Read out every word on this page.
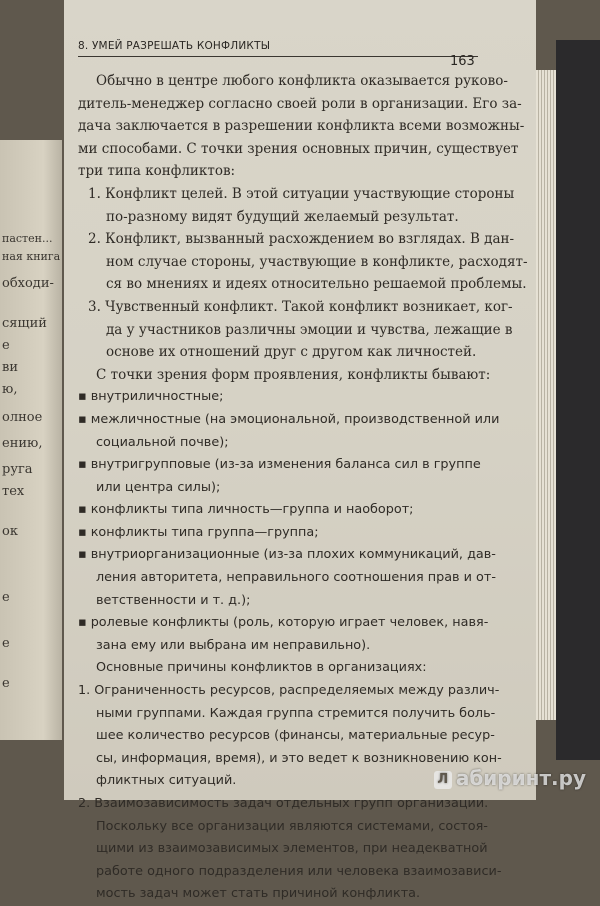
пастен...
ная книга
обходи-
сящий
е
ви
ю,
олное
ению,
руга
тех
ок
е
е
е
8. УМЕЙ РАЗРЕШАТЬ КОНФЛИКТЫ
163
Обычно в центре любого конфликта оказывается руково-
дитель-менеджер согласно своей роли в организации. Его за-
дача заключается в разрешении конфликта всеми возможны-
ми способами. С точки зрения основных причин, существует
три типа конфликтов:
1. Конфликт целей. В этой ситуации участвующие стороны
по-разному видят будущий желаемый результат.
2. Конфликт, вызванный расхождением во взглядах. В дан-
ном случае стороны, участвующие в конфликте, расходят-
ся во мнениях и идеях относительно решаемой проблемы.
3. Чувственный конфликт. Такой конфликт возникает, ког-
да у участников различны эмоции и чувства, лежащие в
основе их отношений друг с другом как личностей.
С точки зрения форм проявления, конфликты бывают:
▪ внутриличностные;
▪ межличностные (на эмоциональной, производственной или
социальной почве);
▪ внутригрупповые (из-за изменения баланса сил в группе
или центра силы);
▪ конфликты типа личность—группа и наоборот;
▪ конфликты типа группа—группа;
▪ внутриорганизационные (из-за плохих коммуникаций, дав-
ления авторитета, неправильного соотношения прав и от-
ветственности и т. д.);
▪ ролевые конфликты (роль, которую играет человек, навя-
зана ему или выбрана им неправильно).
Основные причины конфликтов в организациях:
1. Ограниченность ресурсов, распределяемых между различ-
ными группами. Каждая группа стремится получить боль-
шее количество ресурсов (финансы, материальные ресур-
сы, информация, время), и это ведет к возникновению кон-
фликтных ситуаций.
2. Взаимозависимость задач отдельных групп организации.
Поскольку все организации являются системами, состоя-
щими из взаимозависимых элементов, при неадекватной
работе одного подразделения или человека взаимозависи-
мость задач может стать причиной конфликта.
Л абиринт.ру
